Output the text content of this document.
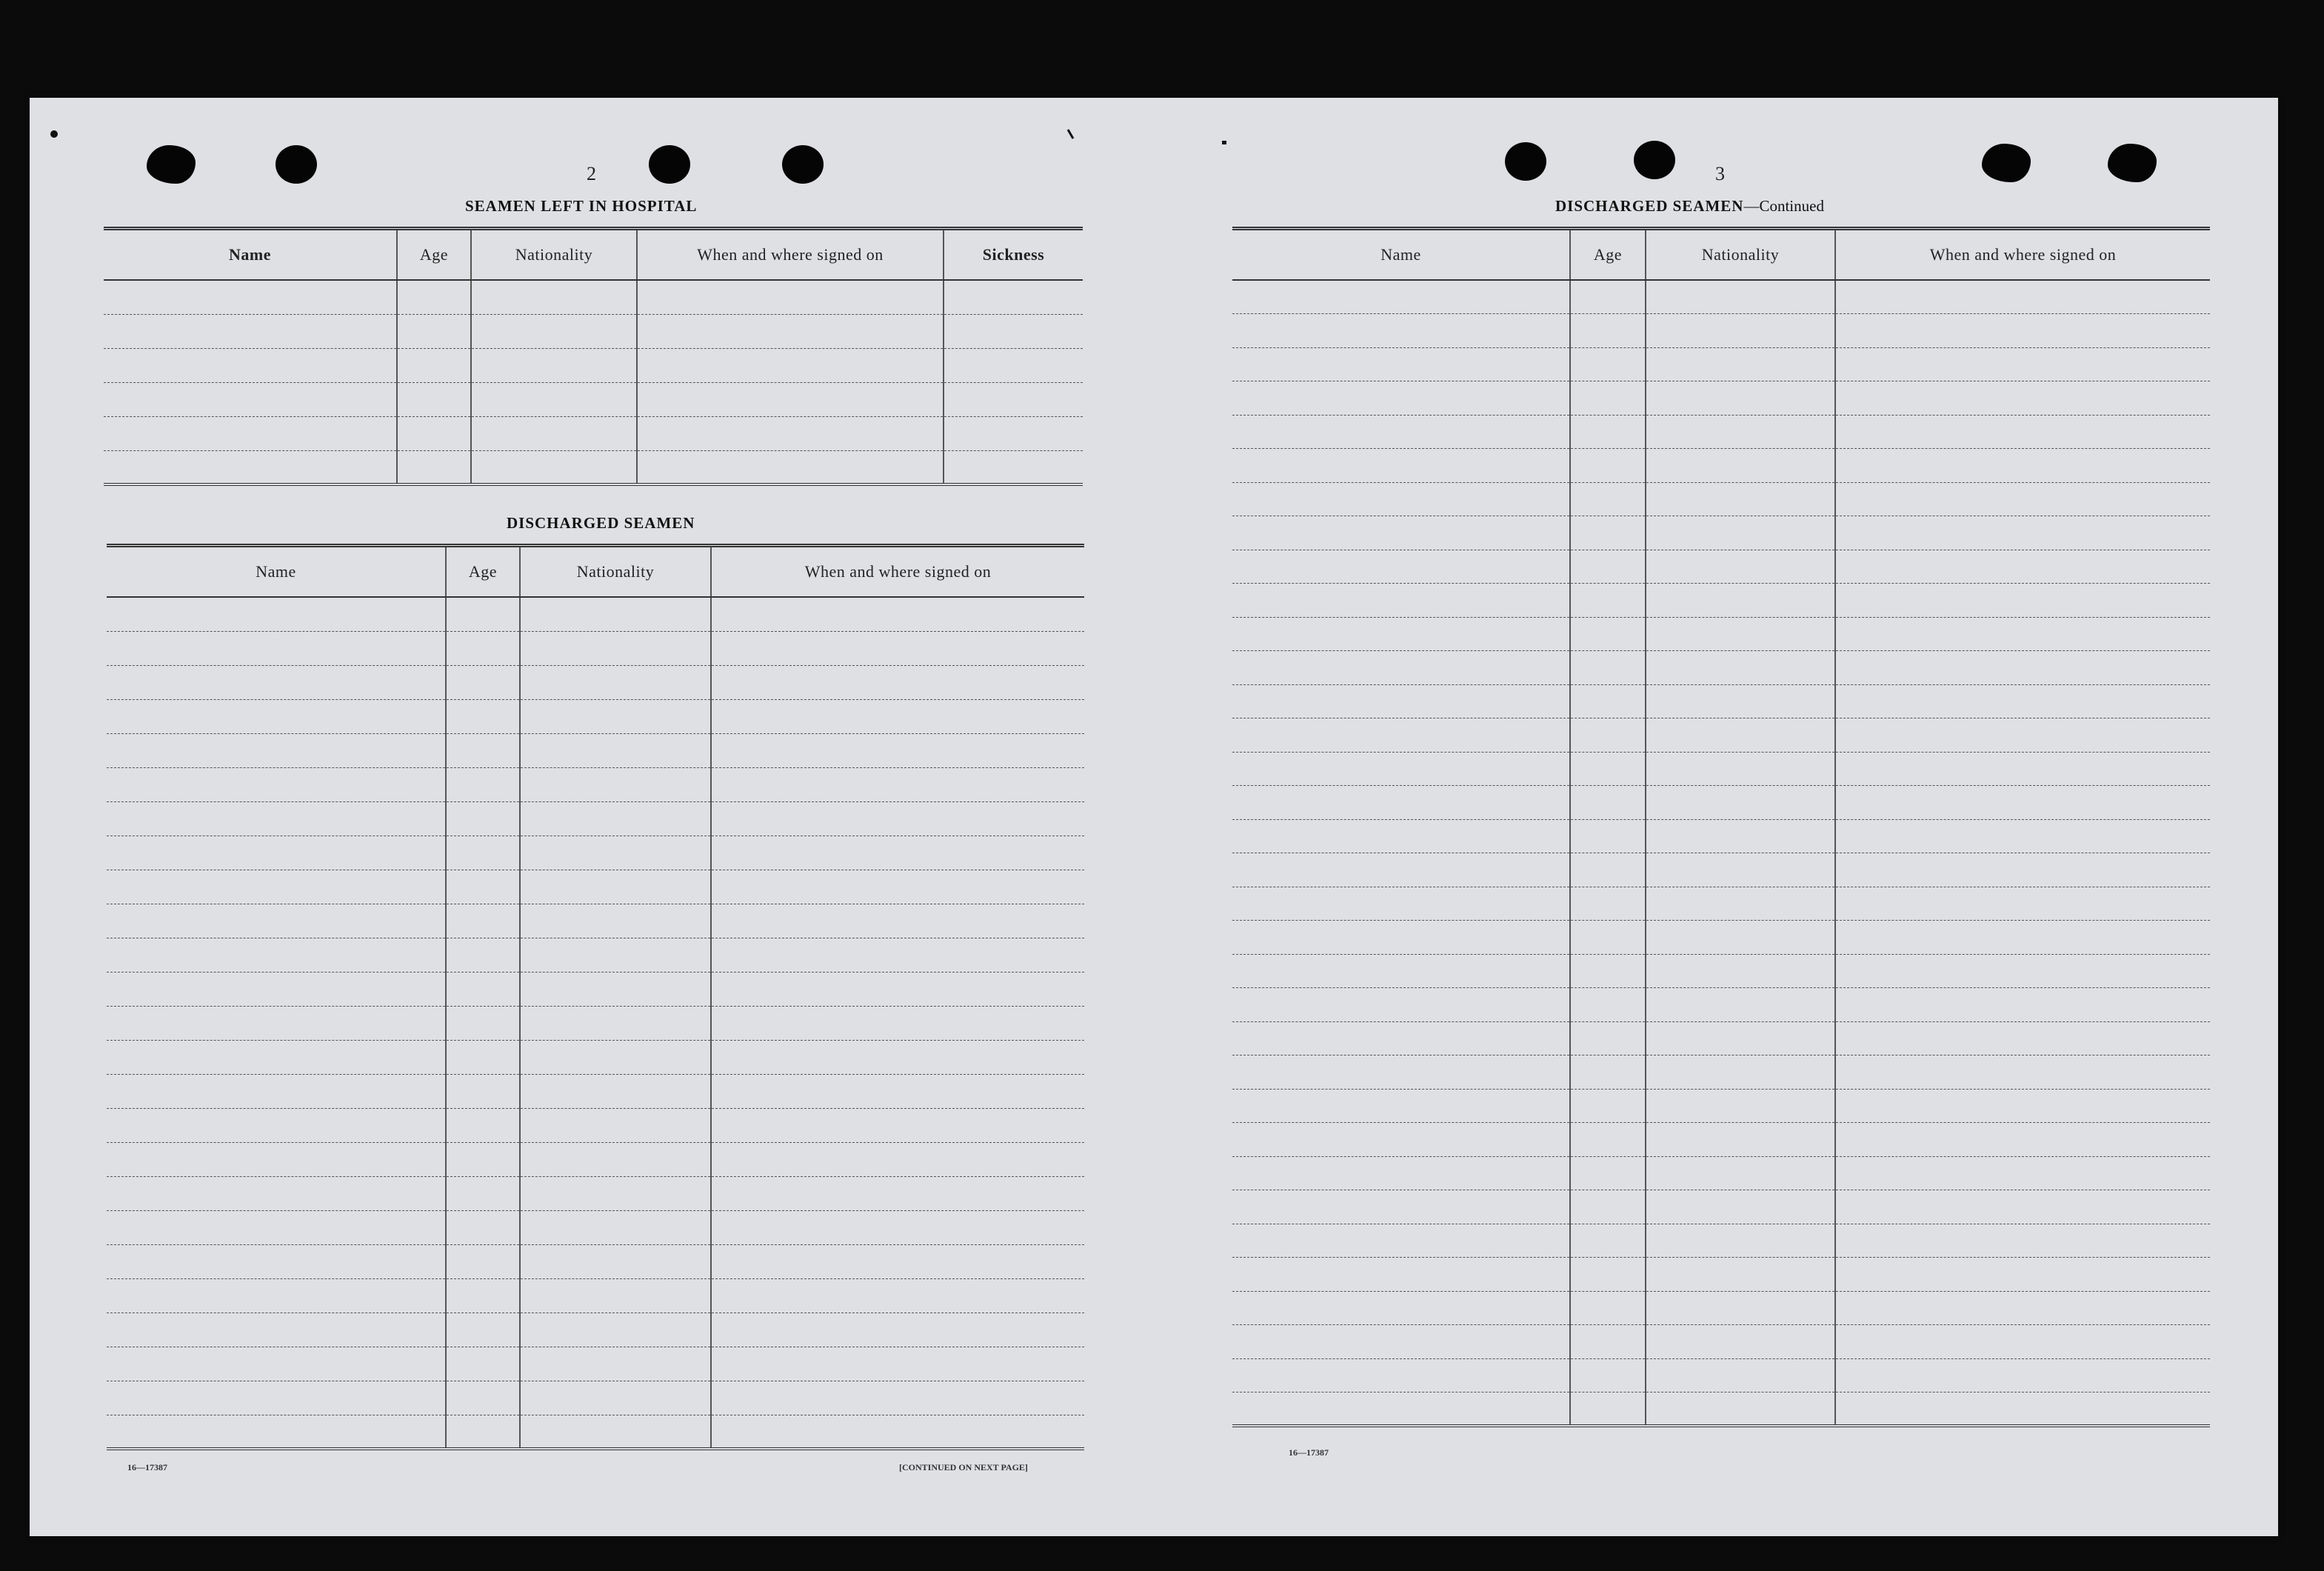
2
SEAMEN LEFT IN HOSPITAL
Name	Age	Nationality	When and where signed on	Sickness

DISCHARGED SEAMEN
Name	Age	Nationality	When and where signed on

16—17387	[CONTINUED ON NEXT PAGE]
3
DISCHARGED SEAMEN—Continued
Name	Age	Nationality	When and where signed on

16—17387
